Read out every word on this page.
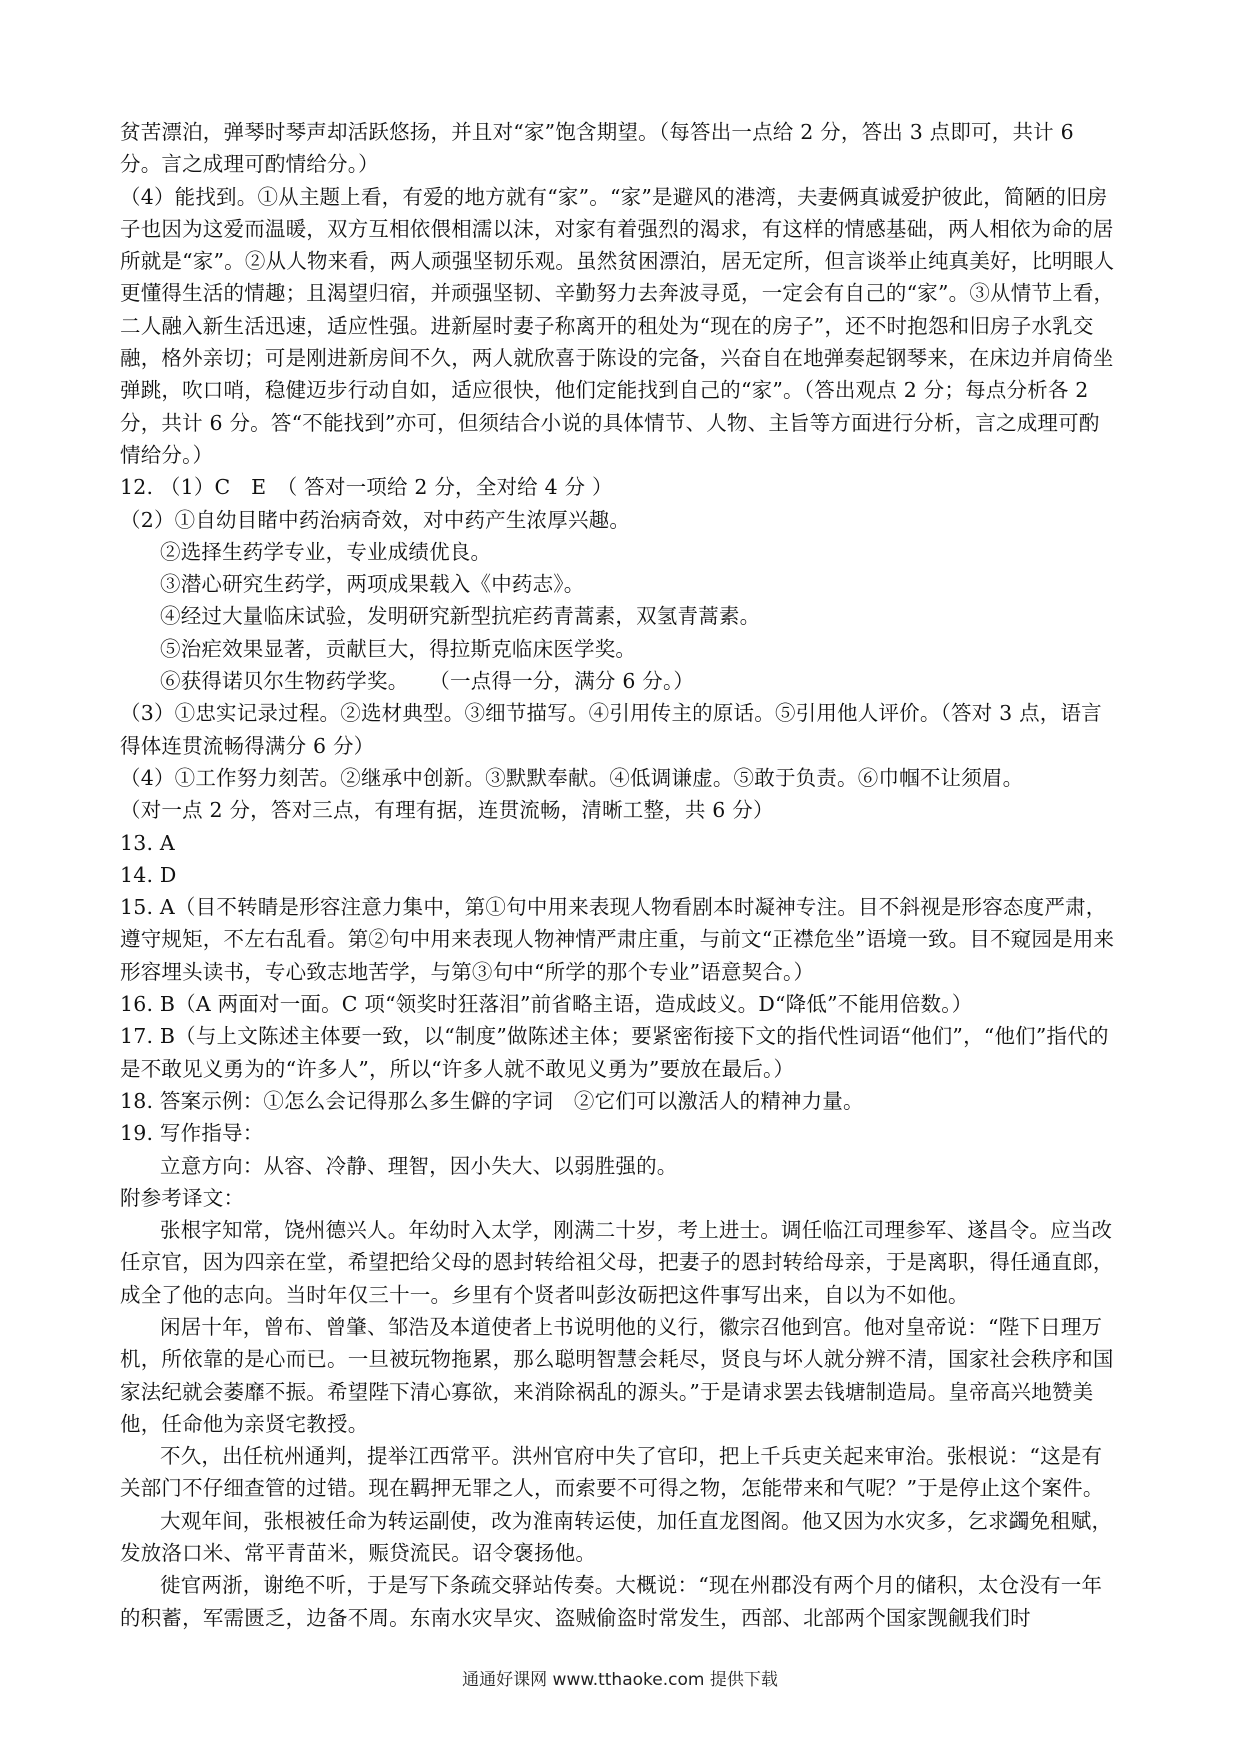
贫苦漂泊，弹琴时琴声却活跃悠扬，并且对“家”饱含期望。（每答出一点给 2 分，答出 3 点即可，共计 6 分。言之成理可酌情给分。）

（4）能找到。①从主题上看，有爱的地方就有“家”。“家”是避风的港湾，夫妻俩真诚爱护彼此，简陋的旧房子也因为这爱而温暖，双方互相依偎相濡以沫，对家有着强烈的渴求，有这样的情感基础，两人相依为命的居所就是“家”。②从人物来看，两人顽强坚韧乐观。虽然贫困漂泊，居无定所，但言谈举止纯真美好，比明眼人更懂得生活的情趣；且渴望归宿，并顽强坚韧、辛勤努力去奔波寻觅，一定会有自己的“家”。③从情节上看，二人融入新生活迅速，适应性强。进新屋时妻子称离开的租处为“现在的房子”，还不时抱怨和旧房子水乳交融，格外亲切；可是刚进新房间不久，两人就欣喜于陈设的完备，兴奋自在地弹奏起钢琴来，在床边并肩倚坐弹跳，吹口哨，稳健迈步行动自如，适应很快，他们定能找到自己的“家”。（答出观点 2 分；每点分析各 2 分，共计 6 分。答“不能找到”亦可，但须结合小说的具体情节、人物、主旨等方面进行分析，言之成理可酌情给分。）

12. （1）C　E　（ 答对一项给 2 分，全对给 4 分 ）

（2）①自幼目睹中药治病奇效，对中药产生浓厚兴趣。

②选择生药学专业，专业成绩优良。

③潜心研究生药学，两项成果载入《中药志》。

④经过大量临床试验，发明研究新型抗疟药青蒿素，双氢青蒿素。

⑤治疟效果显著，贡献巨大，得拉斯克临床医学奖。

⑥获得诺贝尔生物药学奖。　　（一点得一分，满分 6 分。）

（3）①忠实记录过程。②选材典型。③细节描写。④引用传主的原话。⑤引用他人评价。（答对 3 点，语言得体连贯流畅得满分 6 分）

（4）①工作努力刻苦。②继承中创新。③默默奉献。④低调谦虚。⑤敢于负责。⑥巾帼不让须眉。

（对一点 2 分，答对三点，有理有据，连贯流畅，清晰工整，共 6 分）

13. A

14. D

15. A（目不转睛是形容注意力集中，第①句中用来表现人物看剧本时凝神专注。目不斜视是形容态度严肃，遵守规矩，不左右乱看。第②句中用来表现人物神情严肃庄重，与前文“正襟危坐”语境一致。目不窥园是用来形容埋头读书，专心致志地苦学，与第③句中“所学的那个专业”语意契合。）

16. B（A 两面对一面。C 项“领奖时狂落泪”前省略主语，造成歧义。D“降低”不能用倍数。）

17. B（与上文陈述主体要一致，以“制度”做陈述主体；要紧密衔接下文的指代性词语“他们”，“他们”指代的是不敢见义勇为的“许多人”，所以“许多人就不敢见义勇为”要放在最后。）

18. 答案示例：①怎么会记得那么多生僻的字词　②它们可以激活人的精神力量。

19. 写作指导：

立意方向：从容、冷静、理智，因小失大、以弱胜强的。

附参考译文：

张根字知常，饶州德兴人。年幼时入太学，刚满二十岁，考上进士。调任临江司理参军、遂昌令。应当改任京官，因为四亲在堂，希望把给父母的恩封转给祖父母，把妻子的恩封转给母亲，于是离职，得任通直郎，成全了他的志向。当时年仅三十一。乡里有个贤者叫彭汝砺把这件事写出来，自以为不如他。

闲居十年，曾布、曾肇、邹浩及本道使者上书说明他的义行，徽宗召他到宫。他对皇帝说：“陛下日理万机，所依靠的是心而已。一旦被玩物拖累，那么聪明智慧会耗尽，贤良与坏人就分辨不清，国家社会秩序和国家法纪就会萎靡不振。希望陛下清心寡欲，来消除祸乱的源头。”于是请求罢去钱塘制造局。皇帝高兴地赞美他，任命他为亲贤宅教授。

不久，出任杭州通判，提举江西常平。洪州官府中失了官印，把上千兵吏关起来审治。张根说：“这是有关部门不仔细查管的过错。现在羁押无罪之人，而索要不可得之物，怎能带来和气呢？”于是停止这个案件。

大观年间，张根被任命为转运副使，改为淮南转运使，加任直龙图阁。他又因为水灾多，乞求蠲免租赋，发放洛口米、常平青苗米，赈贷流民。诏令褒扬他。

徙官两浙，谢绝不听，于是写下条疏交驿站传奏。大概说：“现在州郡没有两个月的储积，太仓没有一年的积蓄，军需匮乏，边备不周。东南水灾旱灾、盗贼偷盗时常发生，西部、北部两个国家觊觎我们时

通通好课网 www.tthaoke.com 提供下载
